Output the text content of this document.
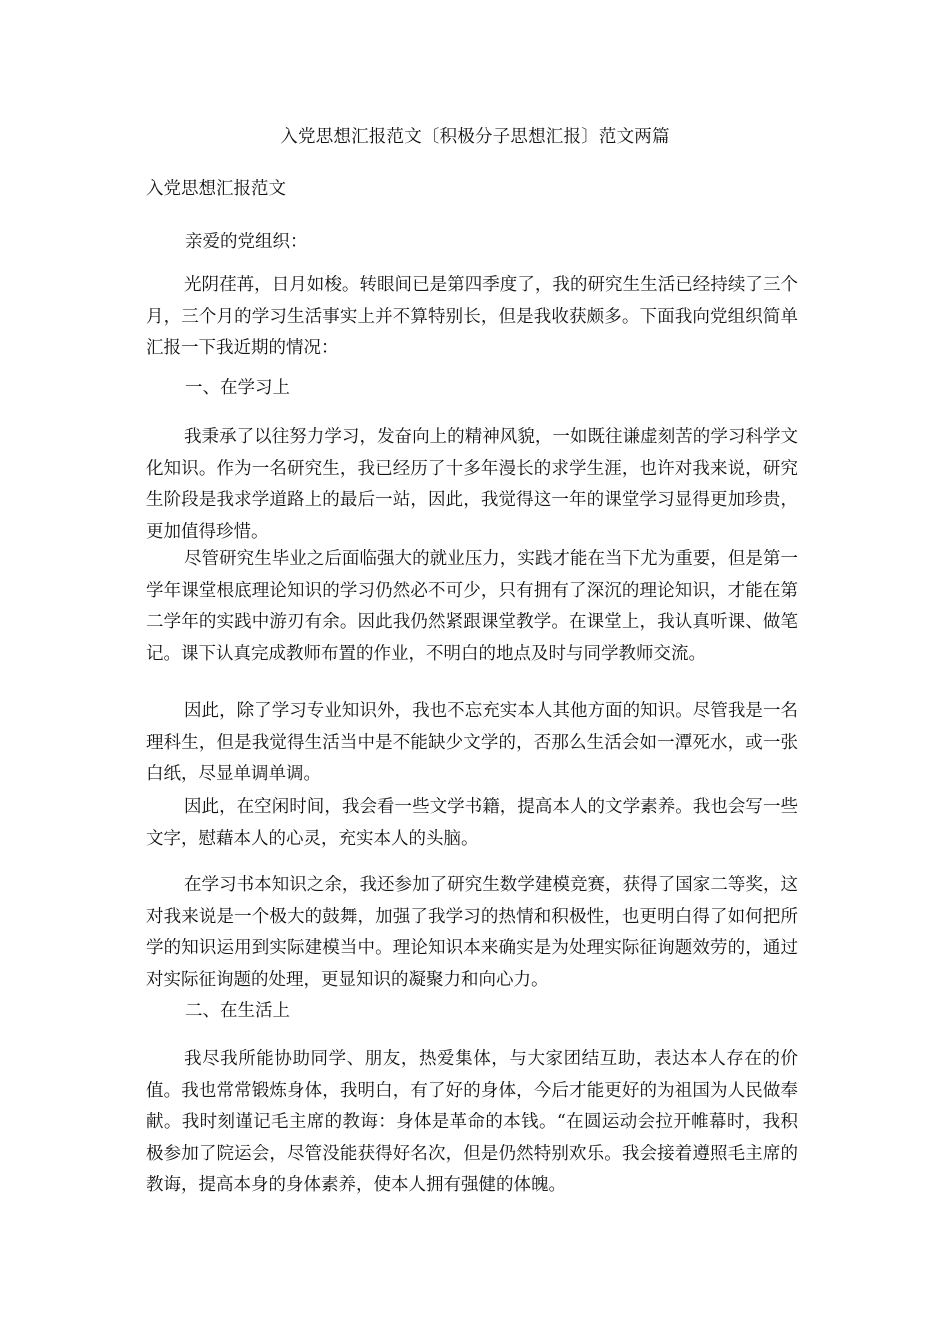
入党思想汇报范文〔积极分子思想汇报〕范文两篇
入党思想汇报范文
亲爱的党组织：

光阴荏苒，日月如梭。转眼间已是第四季度了，我的研究生生活已经持续了三个月，三个月的学习生活事实上并不算特别长，但是我收获颇多。下面我向党组织简单汇报一下我近期的情况：

一、在学习上

我秉承了以往努力学习，发奋向上的精神风貌，一如既往谦虚刻苦的学习科学文化知识。作为一名研究生，我已经历了十多年漫长的求学生涯，也许对我来说，研究生阶段是我求学道路上的最后一站，因此，我觉得这一年的课堂学习显得更加珍贵，更加值得珍惜。

尽管研究生毕业之后面临强大的就业压力，实践才能在当下尤为重要，但是第一学年课堂根底理论知识的学习仍然必不可少，只有拥有了深沉的理论知识，才能在第二学年的实践中游刃有余。因此我仍然紧跟课堂教学。在课堂上，我认真听课、做笔记。课下认真完成教师布置的作业，不明白的地点及时与同学教师交流。

因此，除了学习专业知识外，我也不忘充实本人其他方面的知识。尽管我是一名理科生，但是我觉得生活当中是不能缺少文学的，否那么生活会如一潭死水，或一张白纸，尽显单调单调。

因此，在空闲时间，我会看一些文学书籍，提高本人的文学素养。我也会写一些文字，慰藉本人的心灵，充实本人的头脑。

在学习书本知识之余，我还参加了研究生数学建模竞赛，获得了国家二等奖，这对我来说是一个极大的鼓舞，加强了我学习的热情和积极性，也更明白得了如何把所学的知识运用到实际建模当中。理论知识本来确实是为处理实际征询题效劳的，通过对实际征询题的处理，更显知识的凝聚力和向心力。

二、在生活上

我尽我所能协助同学、朋友，热爱集体，与大家团结互助，表达本人存在的价值。我也常常锻炼身体，我明白，有了好的身体，今后才能更好的为祖国为人民做奉献。我时刻谨记毛主席的教诲：身体是革命的本钱。“在圆运动会拉开帷幕时，我积极参加了院运会，尽管没能获得好名次，但是仍然特别欢乐。我会接着遵照毛主席的教诲，提高本身的身体素养，使本人拥有强健的体魄。
